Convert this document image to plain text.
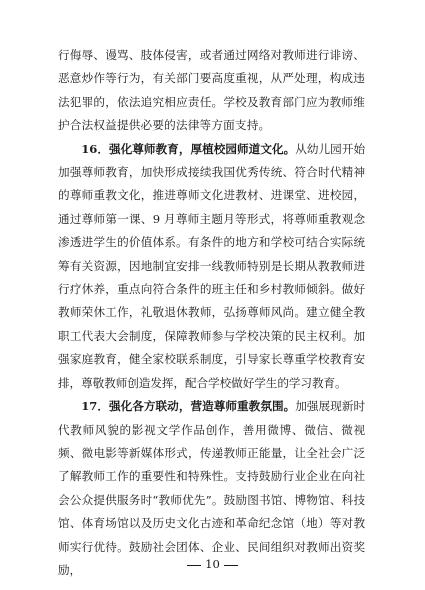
行侮辱、谩骂、肢体侵害，或者通过网络对教师进行诽谤、恶意炒作等行为，有关部门要高度重视，从严处理，构成违法犯罪的，依法追究相应责任。学校及教育部门应为教师维护合法权益提供必要的法律等方面支持。

16．强化尊师教育，厚植校园师道文化。从幼儿园开始加强尊师教育，加快形成接续我国优秀传统、符合时代精神的尊师重教文化，推进尊师文化进教材、进课堂、进校园，通过尊师第一课、9 月尊师主题月等形式，将尊师重教观念渗透进学生的价值体系。有条件的地方和学校可结合实际统筹有关资源，因地制宜安排一线教师特别是长期从教教师进行疗休养，重点向符合条件的班主任和乡村教师倾斜。做好教师荣休工作，礼敬退休教师，弘扬尊师风尚。建立健全教职工代表大会制度，保障教师参与学校决策的民主权利。加强家庭教育，健全家校联系制度，引导家长尊重学校教育安排，尊敬教师创造发挥，配合学校做好学生的学习教育。

17．强化各方联动，营造尊师重教氛围。加强展现新时代教师风貌的影视文学作品创作，善用微博、微信、微视频、微电影等新媒体形式，传递教师正能量，让全社会广泛了解教师工作的重要性和特殊性。支持鼓励行业企业在向社会公众提供服务时“教师优先”。鼓励图书馆、博物馆、科技馆、体育场馆以及历史文化古迹和革命纪念馆（地）等对教师实行优待。鼓励社会团体、企业、民间组织对教师出资奖励，	10
